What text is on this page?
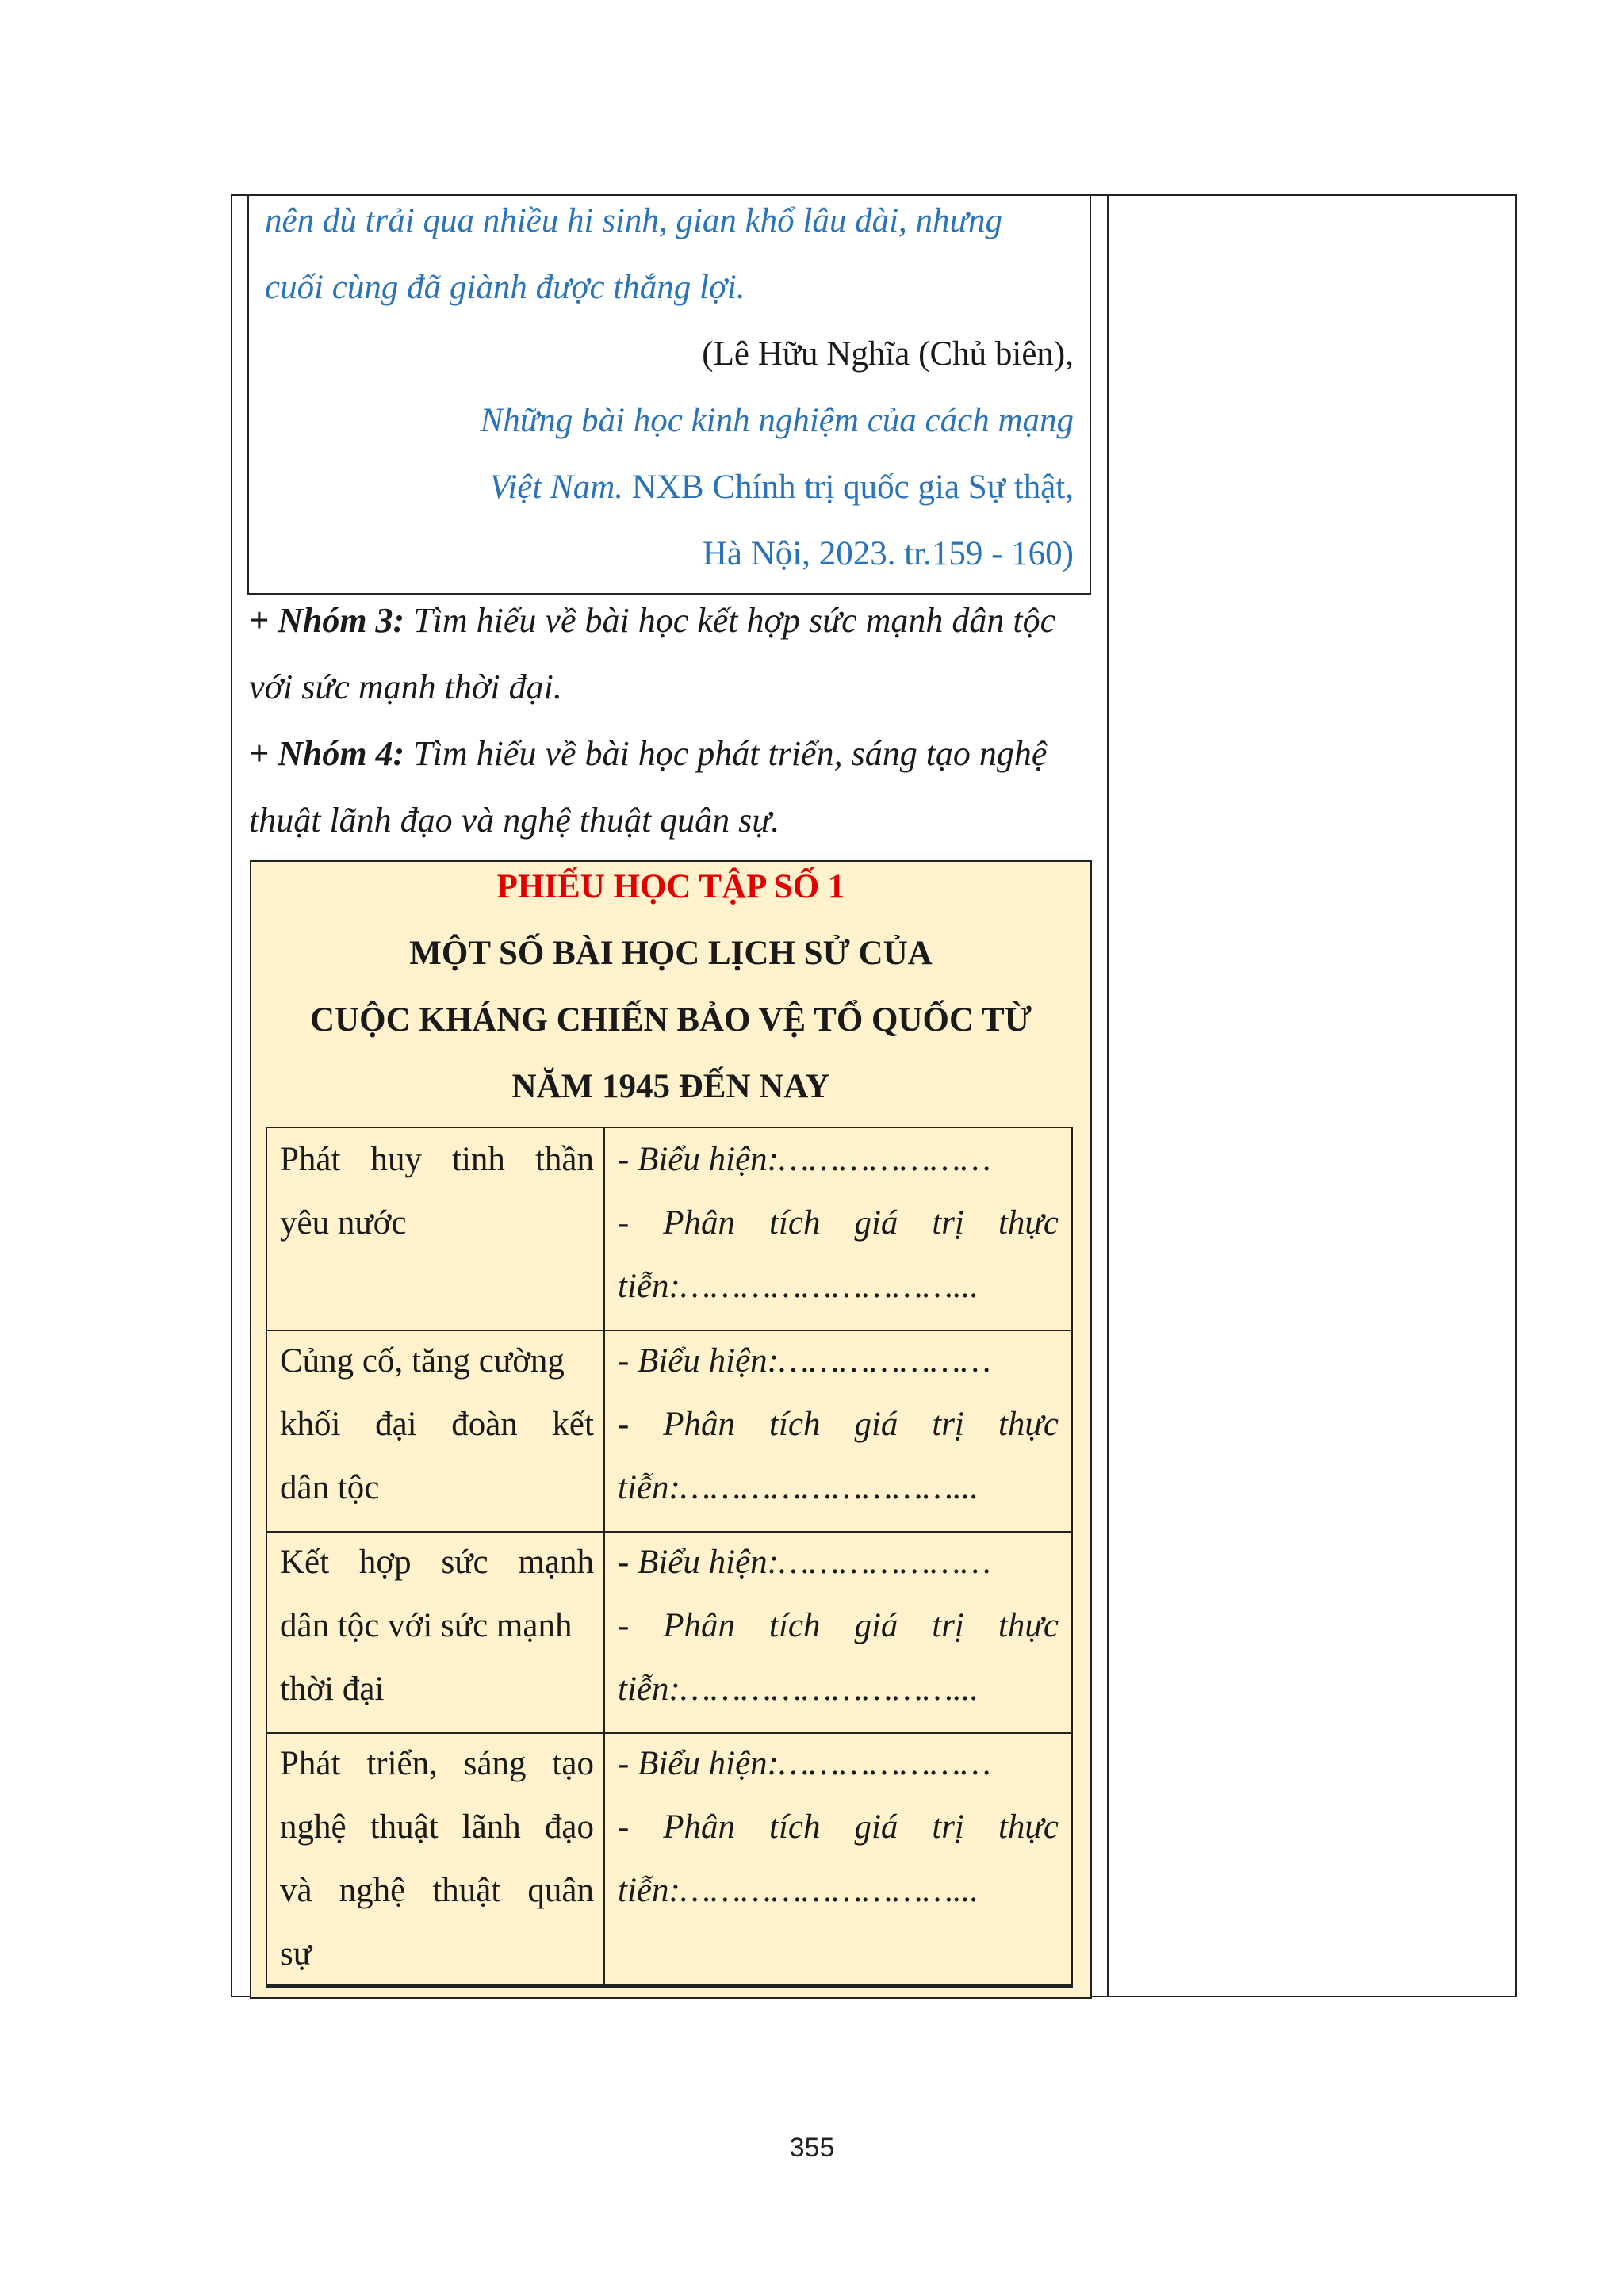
nên dù trải qua nhiều hi sinh, gian khổ lâu dài, nhưng
cuối cùng đã giành được thắng lợi.
(Lê Hữu Nghĩa (Chủ biên),
Những bài học kinh nghiệm của cách mạng
Việt Nam. NXB Chính trị quốc gia Sự thật,
Hà Nội, 2023. tr.159 - 160)
+ Nhóm 3: Tìm hiểu về bài học kết hợp sức mạnh dân tộc
với sức mạnh thời đại.
+ Nhóm 4: Tìm hiểu về bài học phát triển, sáng tạo nghệ
thuật lãnh đạo và nghệ thuật quân sự.
PHIẾU HỌC TẬP SỐ 1
MỘT SỐ BÀI HỌC LỊCH SỬ CỦA
CUỘC KHÁNG CHIẾN BẢO VỆ TỔ QUỐC TỪ
NĂM 1945 ĐẾN NAY
Phát huy tinh thần
yêu nước
- Biểu hiện:…………………
- Phân tích giá trị thực
tiễn:………………………...
Củng cố, tăng cường
khối đại đoàn kết
dân tộc
- Biểu hiện:…………………
- Phân tích giá trị thực
tiễn:………………………...
Kết hợp sức mạnh
dân tộc với sức mạnh
thời đại
- Biểu hiện:…………………
- Phân tích giá trị thực
tiễn:………………………...
Phát triển, sáng tạo
nghệ thuật lãnh đạo
và nghệ thuật quân
sự
- Biểu hiện:…………………
- Phân tích giá trị thực
tiễn:………………………...
355
